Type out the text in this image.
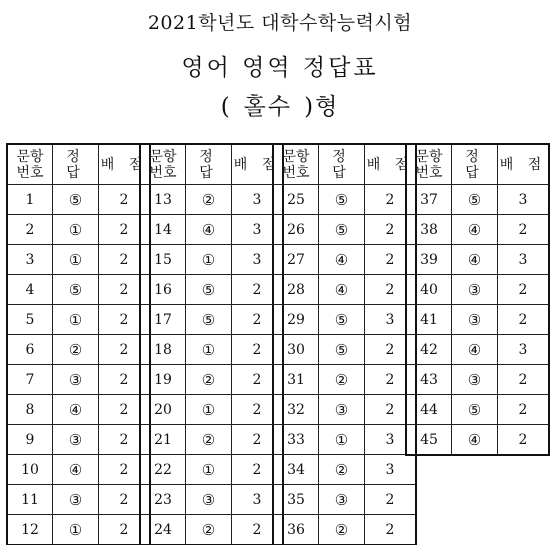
2021학년도 대학수학능력시험
영어 영역 정답표
( 홀수 )형
문항
번호	정 답	배 점
1	⑤	2
2	①	2
3	①	2
4	⑤	2
5	①	2
6	②	2
7	③	2
8	④	2
9	③	2
10	④	2
11	③	2
12	①	2
문항
번호	정 답	배 점
13	②	3
14	④	3
15	①	3
16	⑤	2
17	⑤	2
18	①	2
19	②	2
20	①	2
21	②	2
22	①	2
23	③	3
24	②	2
문항
번호	정 답	배 점
25	⑤	2
26	⑤	2
27	④	2
28	④	2
29	⑤	3
30	⑤	2
31	②	2
32	③	2
33	①	3
34	②	3
35	③	2
36	②	2
문항
번호	정 답	배 점
37	⑤	3
38	④	2
39	④	3
40	③	2
41	③	2
42	④	3
43	③	2
44	⑤	2
45	④	2
